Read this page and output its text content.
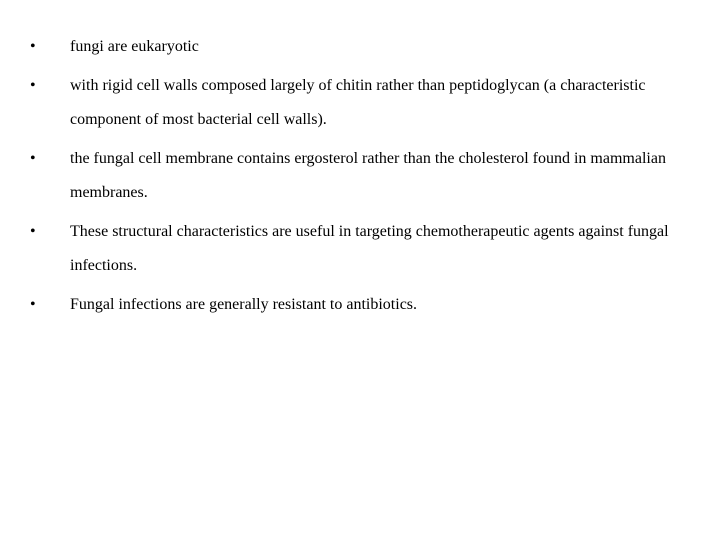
• fungi are eukaryotic
• with rigid cell walls composed largely of chitin rather than peptidoglycan (a characteristic component of most bacterial cell walls).
• the fungal cell membrane contains ergosterol rather than the cholesterol found in mammalian membranes.
• These structural characteristics are useful in targeting chemotherapeutic agents against fungal infections.
• Fungal infections are generally resistant to antibiotics.
